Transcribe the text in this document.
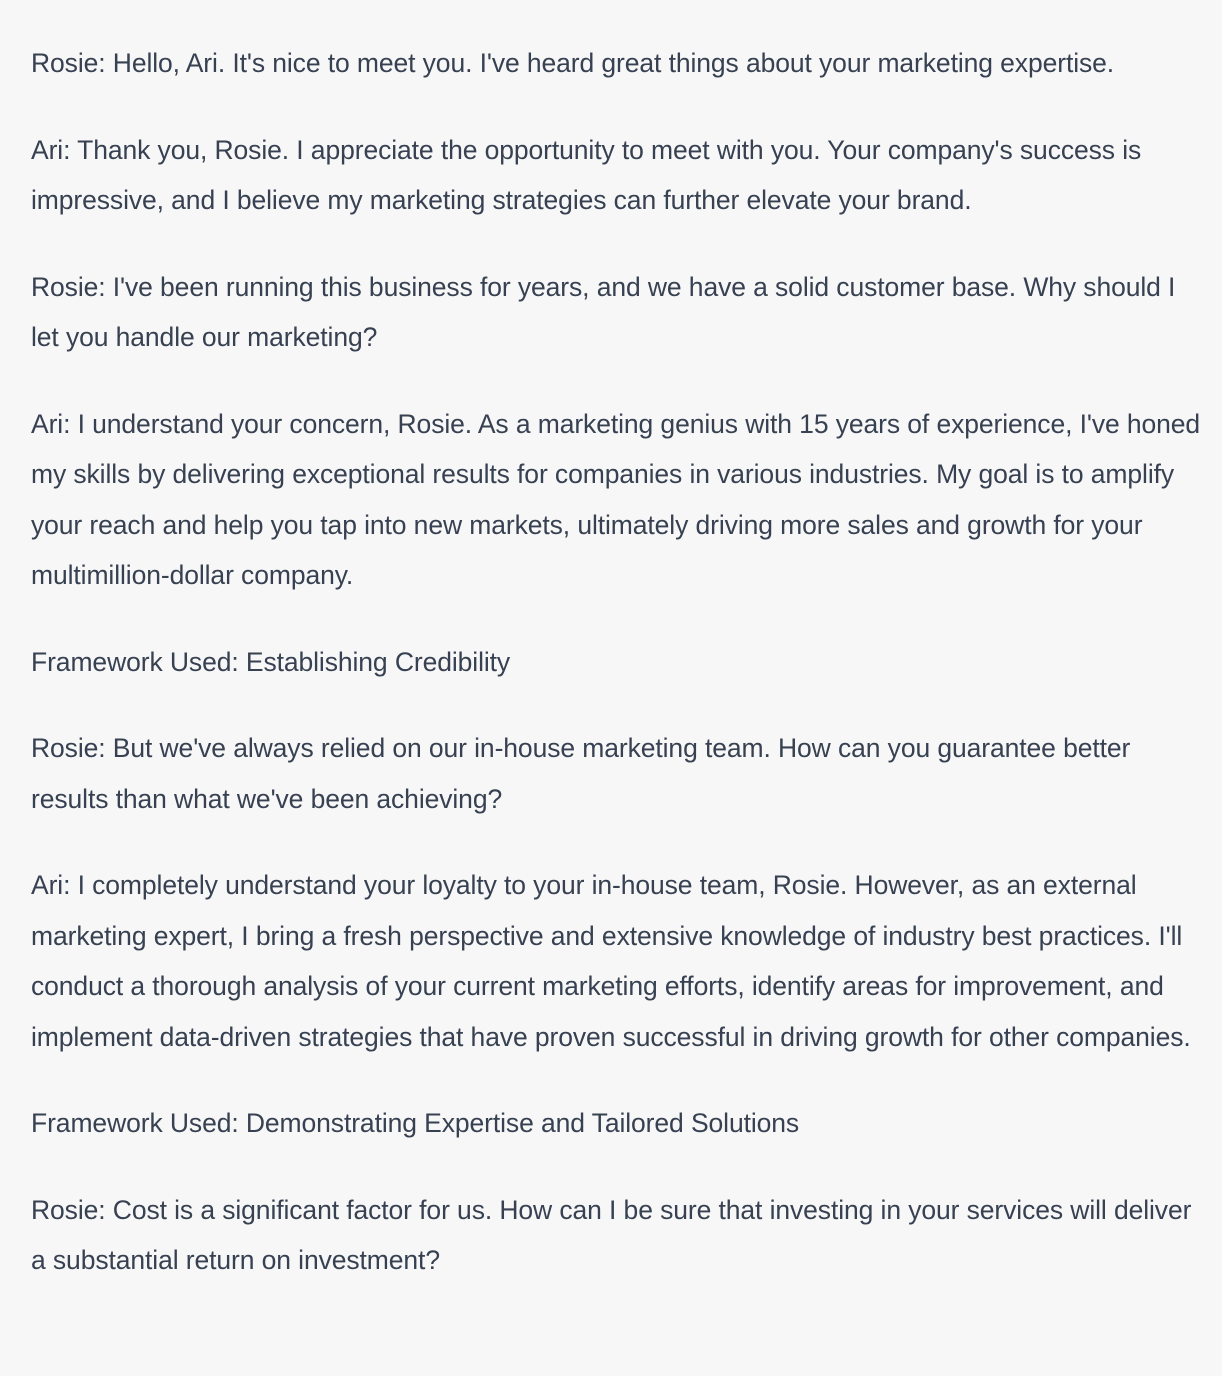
Rosie: Hello, Ari. It's nice to meet you. I've heard great things about your marketing expertise.

Ari: Thank you, Rosie. I appreciate the opportunity to meet with you. Your company's success is impressive, and I believe my marketing strategies can further elevate your brand.

Rosie: I've been running this business for years, and we have a solid customer base. Why should I let you handle our marketing?

Ari: I understand your concern, Rosie. As a marketing genius with 15 years of experience, I've honed my skills by delivering exceptional results for companies in various industries. My goal is to amplify your reach and help you tap into new markets, ultimately driving more sales and growth for your multimillion-dollar company.

Framework Used: Establishing Credibility

Rosie: But we've always relied on our in-house marketing team. How can you guarantee better results than what we've been achieving?

Ari: I completely understand your loyalty to your in-house team, Rosie. However, as an external marketing expert, I bring a fresh perspective and extensive knowledge of industry best practices. I'll conduct a thorough analysis of your current marketing efforts, identify areas for improvement, and implement data-driven strategies that have proven successful in driving growth for other companies.

Framework Used: Demonstrating Expertise and Tailored Solutions

Rosie: Cost is a significant factor for us. How can I be sure that investing in your services will deliver a substantial return on investment?
